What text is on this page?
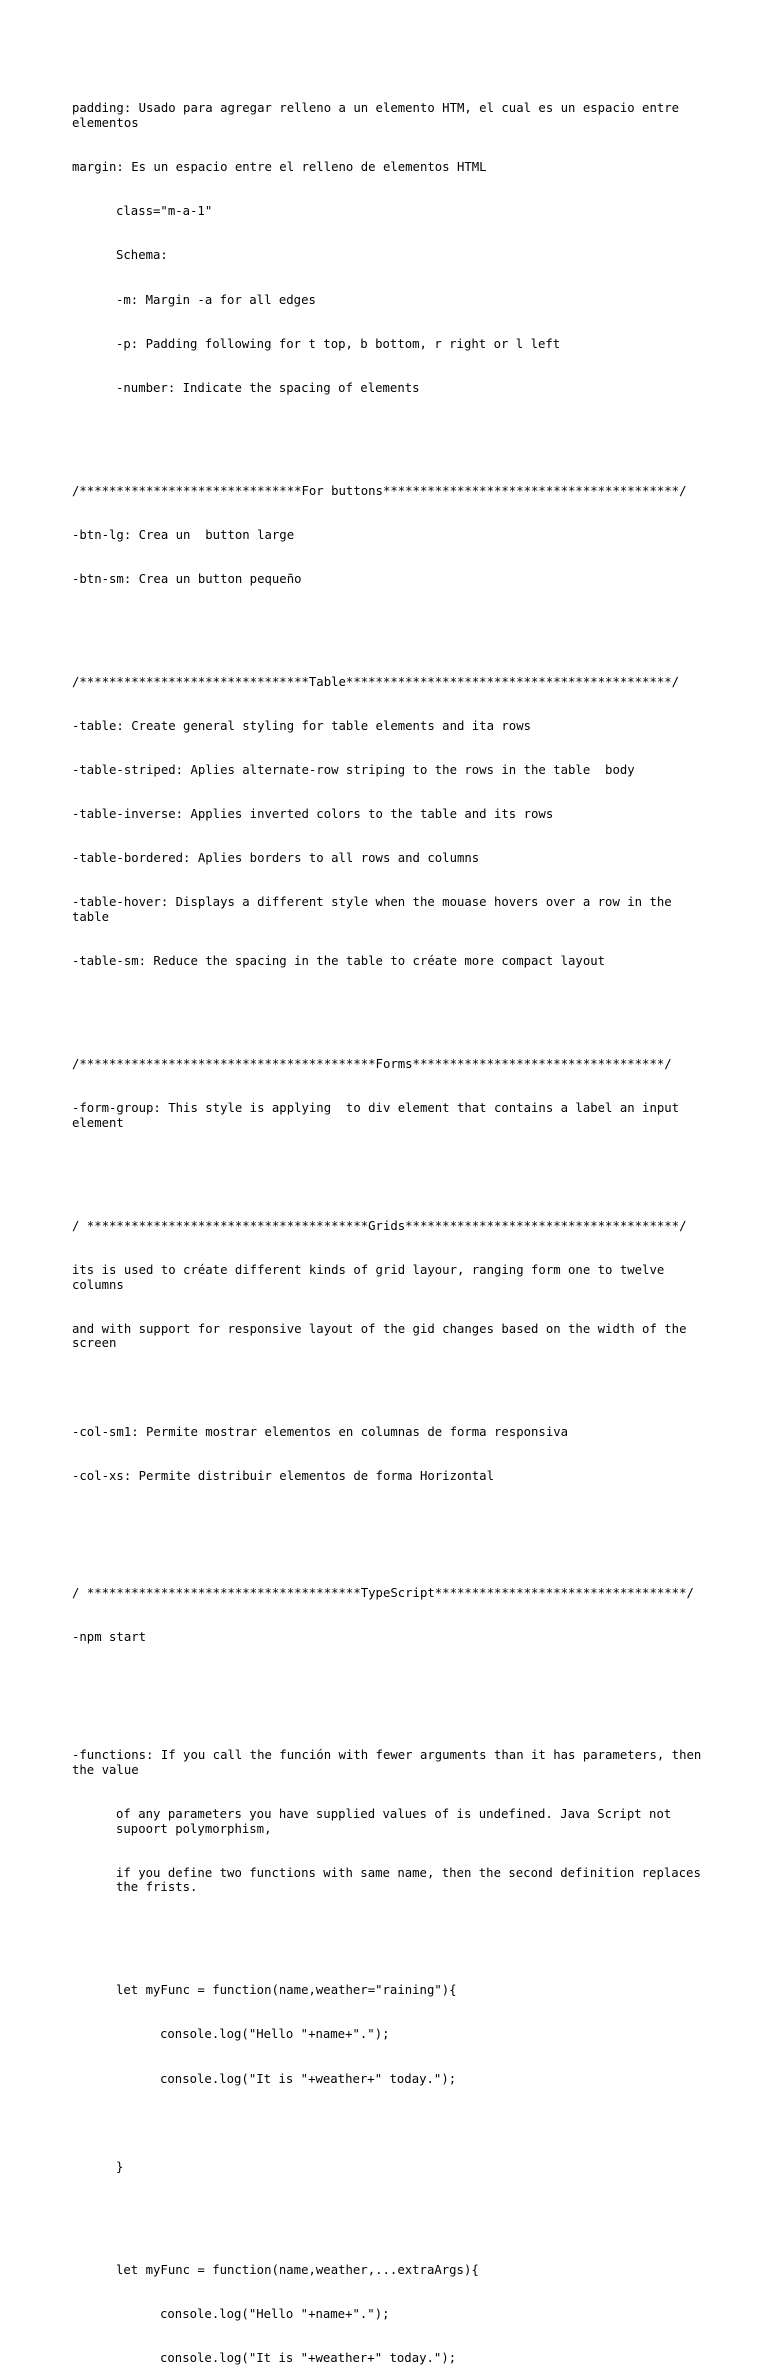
padding: Usado para agregar relleno a un elemento HTM, el cual es un espacio entre elementos

margin: Es un espacio entre el relleno de elementos HTML

class="m-a-1"

Schema:

-m: Margin -a for all edges

-p: Padding following for t top, b bottom, r right or l left

-number: Indicate the spacing of elements

/******************************For buttons****************************************/

-btn-lg: Crea un  button large

-btn-sm: Crea un button pequeño

/*******************************Table********************************************/

-table: Create general styling for table elements and ita rows

-table-striped: Aplies alternate-row striping to the rows in the table  body

-table-inverse: Applies inverted colors to the table and its rows

-table-bordered: Aplies borders to all rows and columns

-table-hover: Displays a different style when the mouase hovers over a row in the table

-table-sm: Reduce the spacing in the table to créate more compact layout

/****************************************Forms**********************************/

-form-group: This style is applying  to div element that contains a label an input element

/ **************************************Grids*************************************/

its is used to créate different kinds of grid layour, ranging form one to twelve columns

and with support for responsive layout of the gid changes based on the width of the screen

-col-sm1: Permite mostrar elementos en columnas de forma responsiva

-col-xs: Permite distribuir elementos de forma Horizontal

/ *************************************TypeScript**********************************/

-npm start

-functions: If you call the función with fewer arguments than it has parameters, then the value

of any parameters you have supplied values of is undefined. Java Script not supoort polymorphism,

if you define two functions with same name, then the second definition replaces the frists.

let myFunc = function(name,weather="raining"){

console.log("Hello "+name+".");

console.log("It is "+weather+" today.");

}

let myFunc = function(name,weather,...extraArgs){

console.log("Hello "+name+".");

console.log("It is "+weather+" today.");
